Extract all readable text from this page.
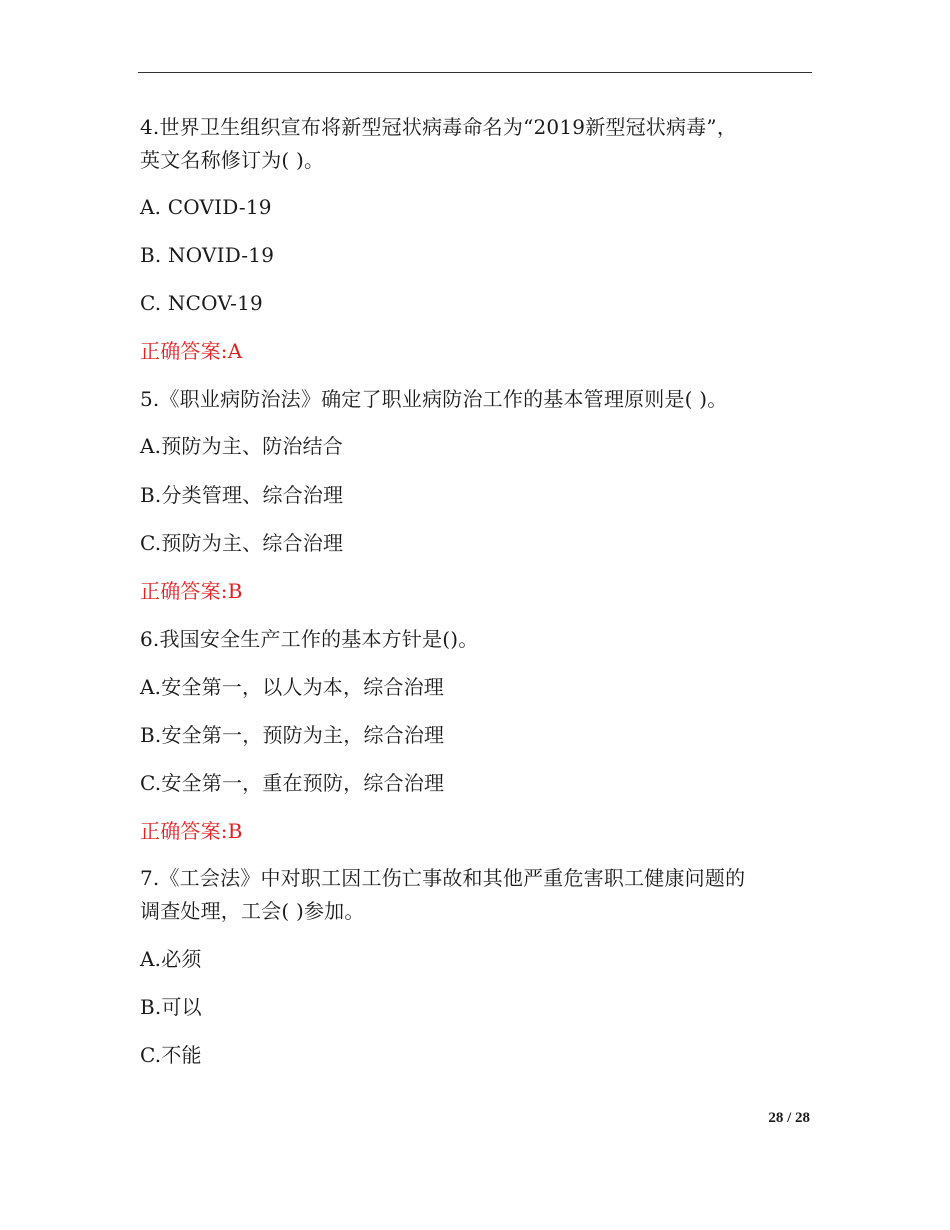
4.世界卫生组织宣布将新型冠状病毒命名为“2019新型冠状病毒”，
英文名称修订为( )。
A. COVID-19
B. NOVID-19
C. NCOV-19
正确答案:A
5.《职业病防治法》确定了职业病防治工作的基本管理原则是( )。
A.预防为主、防治结合
B.分类管理、综合治理
C.预防为主、综合治理
正确答案:B
6.我国安全生产工作的基本方针是()。
A.安全第一，以人为本，综合治理
B.安全第一，预防为主，综合治理
C.安全第一，重在预防，综合治理
正确答案:B
7.《工会法》中对职工因工伤亡事故和其他严重危害职工健康问题的
调查处理，工会( )参加。
A.必须
B.可以
C.不能
28 / 28
